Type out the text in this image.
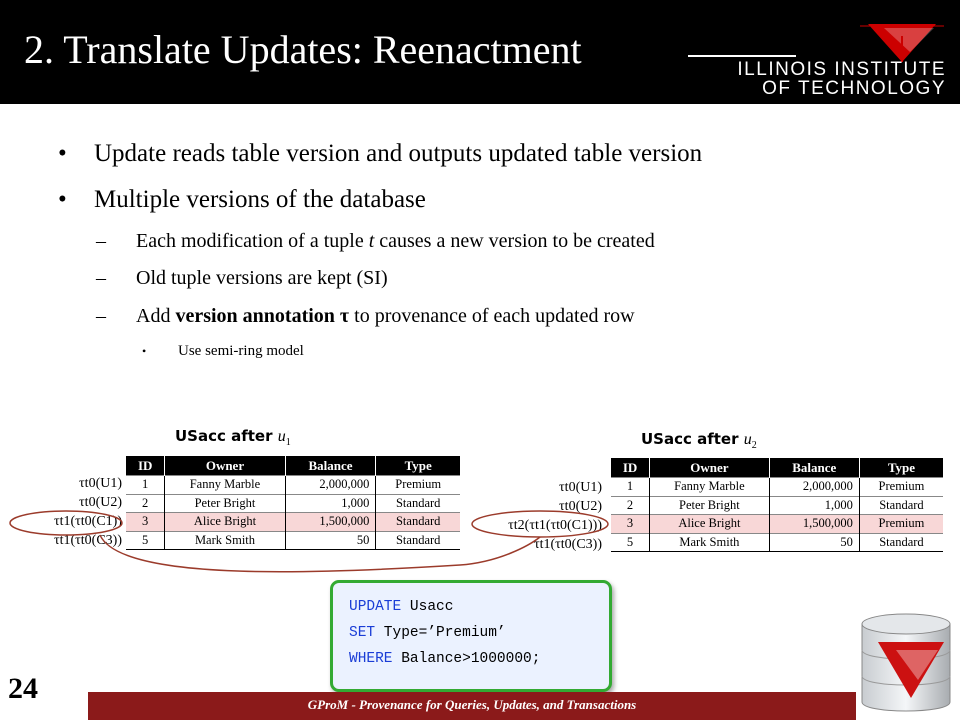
2. Translate Updates: Reenactment	ILLINOIS INSTITUTE
OF TECHNOLOGY
• Update reads table version and outputs updated table version
• Multiple versions of the database
– Each modification of a tuple t causes a new version to be created
– Old tuple versions are kept (SI)
– Add version annotation τ to provenance of each updated row
• Use semi-ring model
USacc after $u_1$
ID	Owner	Balance	Type
1	Fanny Marble	2,000,000	Premium
2	Peter Bright	1,000	Standard
3	Alice Bright	1,500,000	Standard
5	Mark Smith	50	Standard
τt0(U1)
τt0(U2)
τt1(τt0(C1))
τt1(τt0(C3))
USacc after $u_2$
ID	Owner	Balance	Type
1	Fanny Marble	2,000,000	Premium
2	Peter Bright	1,000	Standard
3	Alice Bright	1,500,000	Premium
5	Mark Smith	50	Standard
τt0(U1)
τt0(U2)
τt2(τt1(τt0(C1)))
τt1(τt0(C3))
UPDATE Usacc
SET Type=’Premium’
WHERE Balance>1000000;
24	GProM - Provenance for Queries, Updates, and Transactions
